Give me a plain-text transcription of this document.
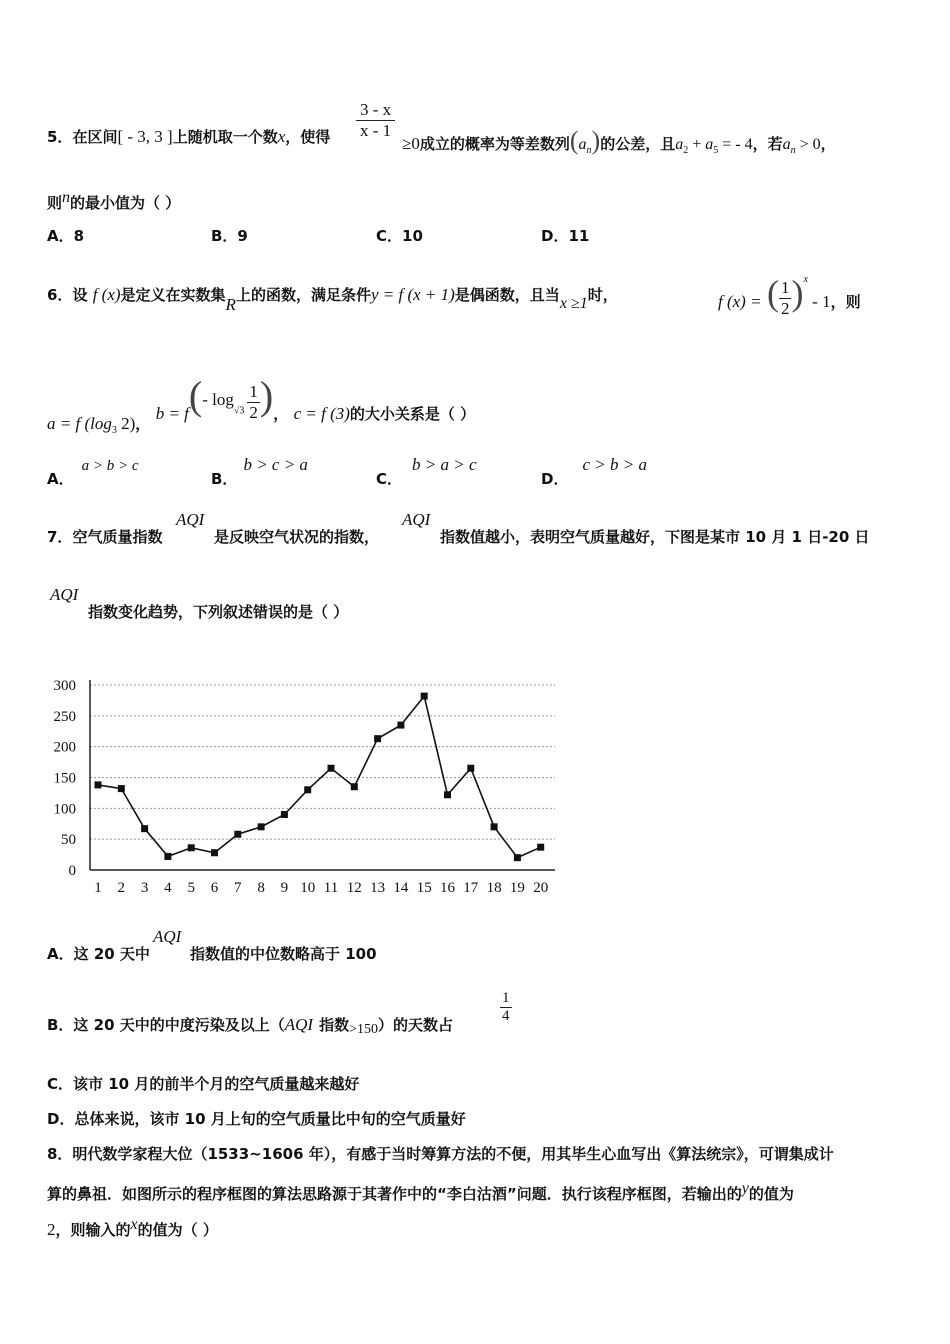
5．在区间[ - 3, 3 ]上随机取一个数x，使得 $\frac{3 - x}{x - 1}$
≥0成立的概率为等差数列$(a_n)$的公差，且$a_2 + a_5$ = - 4，若$a_n > 0$，
则$^n$的最小值为（ ）
A．8	B．9	C．10	D．11
6．设 f (x)是定义在实数集R上的函数，满足条件y = f (x + 1)是偶函数，且当x ≥1时，	f (x) = ( $\frac{1}{2} )^x - 1$，则
a = f ($\log_3$ 2)， b = f(- $\log_{√3} \frac{1}{2}$ )， c = f (3)的大小关系是（ ）
A．a > b > c
B．b > c > a
C．b > a > c
D．c > b > a
7．空气质量指数
AQI
是反映空气状况的指数，
AQI
指数值越小，表明空气质量越好，下图是某市 10 月 1 日-20 日
AQI
指数变化趋势，下列叙述错误的是（ ）
0
50
100
150
200
250
300
1 2 3 4 5 6 7 8 9 10 11 12 13 14 15 16 17 18 19 20
A．这 20 天中
AQI
指数值的中位数略高于 100
B．这 20 天中的中度污染及以上（AQI 指数>150）的天数占	$\frac{1}{4}$
C．该市 10 月的前半个月的空气质量越来越好
D．总体来说，该市 10 月上旬的空气质量比中旬的空气质量好
8．明代数学家程大位（1533~1606 年），有感于当时筹算方法的不便，用其毕生心血写出《算法统宗》，可谓集成计
算的鼻祖．如图所示的程序框图的算法思路源于其著作中的“李白沽酒”问题．执行该程序框图，若输出的$^y$的值为
2，则输入的$^x$的值为（ ）
